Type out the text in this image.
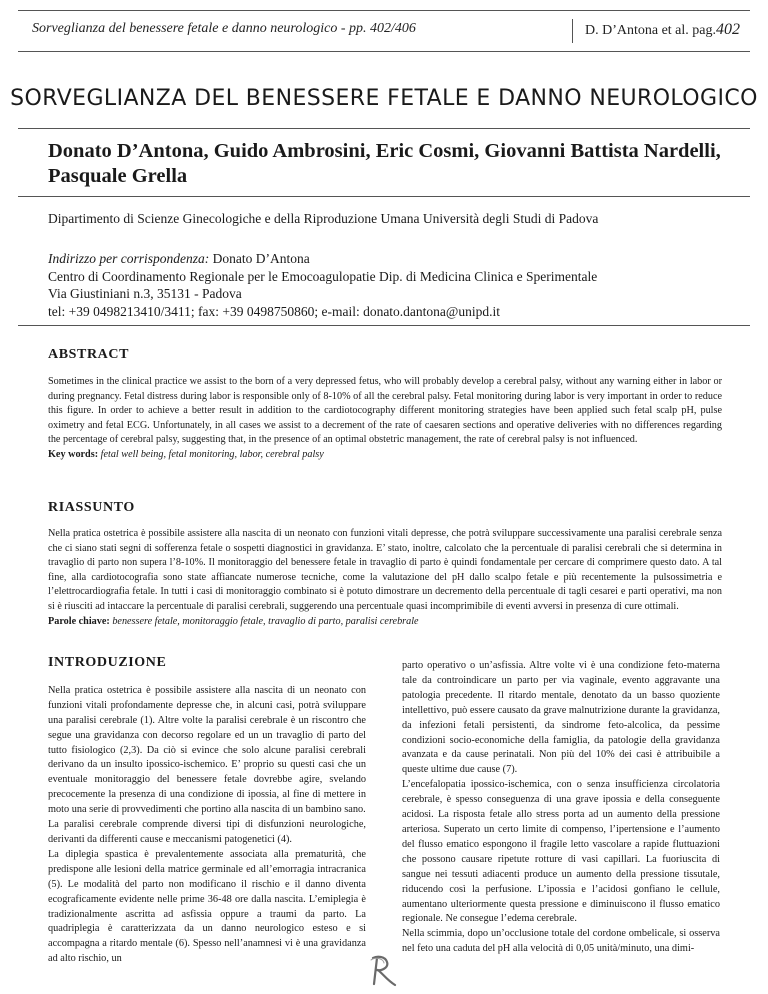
Sorveglianza del benessere fetale e danno neurologico - pp. 402/406	D. D’Antona et al. pag.402
SORVEGLIANZA DEL BENESSERE FETALE E DANNO NEUROLOGICO
Donato D’Antona, Guido Ambrosini, Eric Cosmi, Giovanni Battista Nardelli,
Pasquale Grella
Dipartimento di Scienze Ginecologiche e della Riproduzione Umana Università degli Studi di Padova
Indirizzo per corrispondenza: Donato D’Antona
Centro di Coordinamento Regionale per le Emocoagulopatie Dip. di Medicina Clinica e Sperimentale
Via Giustiniani n.3, 35131 - Padova
tel: +39 0498213410/3411; fax: +39 0498750860; e-mail: donato.dantona@unipd.it
ABSTRACT
Sometimes in the clinical practice we assist to the born of a very depressed fetus, who will probably develop a cerebral palsy, without any warning either in labor or during pregnancy. Fetal distress during labor is responsible only of 8-10% of all the cerebral palsy. Fetal monitoring during labor is very important in order to reduce this figure. In order to achieve a better result in addition to the cardiotocography different monitoring strategies have been applied such fetal scalp pH, pulse oximetry and fetal ECG. Unfortunately, in all cases we assist to a decrement of the rate of caesaren sections and operative deliveries with no differences regarding the percentage of cerebral palsy, suggesting that, in the presence of an optimal obstetric management, the rate of cerebral palsy is not influenced.
Key words: fetal well being, fetal monitoring, labor, cerebral palsy
RIASSUNTO
Nella pratica ostetrica è possibile assistere alla nascita di un neonato con funzioni vitali depresse, che potrà sviluppare successivamente una paralisi cerebrale senza che ci siano stati segni di sofferenza fetale o sospetti diagnostici in gravidanza. E’ stato, inoltre, calcolato che la percentuale di paralisi cerebrali che si determina in travaglio di parto non supera l’8-10%. Il monitoraggio del benessere fetale in travaglio di parto è quindi fondamentale per cercare di comprimere questo dato. A tal fine, alla cardiotocografia sono state affiancate numerose tecniche, come la valutazione del pH dallo scalpo fetale e più recentemente la pulsossimetria e l’elettrocardiografia fetale. In tutti i casi di monitoraggio combinato si è potuto dimostrare un decremento della percentuale di tagli cesarei e parti operativi, ma non si è riusciti ad intaccare la percentuale di paralisi cerebrali, suggerendo una percentuale quasi incomprimibile di eventi avversi in presenza di cure ottimali.
Parole chiave: benessere fetale, monitoraggio fetale, travaglio di parto, paralisi cerebrale

INTRODUZIONE

Nella pratica ostetrica è possibile assistere alla nascita di un neonato con funzioni vitali profondamente depresse che, in alcuni casi, potrà sviluppare una paralisi cerebrale (1). Altre volte la paralisi cerebrale è un riscontro che segue una gravidanza con decorso regolare ed un un travaglio di parto del tutto fisiologico (2,3). Da ciò si evince che solo alcune paralisi cerebrali derivano da un insulto ipossico-ischemico. E’ proprio su questi casi che un eventuale monitoraggio del benessere fetale dovrebbe agire, svelando precocemente la presenza di una condizione di ipossia, al fine di mettere in moto una serie di provvedimenti che portino alla nascita di un bambino sano.

La paralisi cerebrale comprende diversi tipi di disfunzioni neurologiche, derivanti da differenti cause e meccanismi patogenetici (4).

La diplegia spastica è prevalentemente associata alla prematurità, che predispone alle lesioni della matrice germinale ed all’emorragia intracranica (5). Le modalità del parto non modificano il rischio e il danno diventa ecograficamente evidente nelle prime 36-48 ore dalla nascita. L’emiplegia è tradizionalmente ascritta ad asfissia oppure a traumi da parto. La quadriplegia è caratterizzata da un danno neurologico esteso e si accompagna a ritardo mentale (6). Spesso nell’anamnesi vi è una gravidanza ad alto rischio, un

parto operativo o un’asfissia. Altre volte vi è una condizione feto-materna tale da controindicare un parto per via vaginale, evento aggravante una patologia precedente. Il ritardo mentale, denotato da un basso quoziente intellettivo, può essere causato da grave malnutrizione durante la gravidanza, da infezioni fetali persistenti, da sindrome feto-alcolica, da pessime condizioni socio-economiche della famiglia, da patologie della gravidanza avanzata e da cause perinatali. Non più del 10% dei casi è attribuibile a queste ultime due cause (7).

L’encefalopatia ipossico-ischemica, con o senza insufficienza circolatoria cerebrale, è spesso conseguenza di una grave ipossia e della conseguente acidosi. La risposta fetale allo stress porta ad un aumento della pressione arteriosa. Superato un certo limite di compenso, l’ipertensione e l’aumento del flusso ematico espongono il fragile letto vascolare a rapide fluttuazioni che possono causare ripetute rotture di vasi capillari. La fuoriuscita di sangue nei tessuti adiacenti produce un aumento della pressione tissutale, riducendo così la perfusione. L’ipossia e l’acidosi gonfiano le cellule, aumentano ulteriormente questa pressione e diminuiscono il flusso ematico regionale. Ne consegue l’edema cerebrale.

Nella scimmia, dopo un’occlusione totale del cordone ombelicale, si osserva nel feto una caduta del pH alla velocità di 0,05 unità/minuto, una dimi-
